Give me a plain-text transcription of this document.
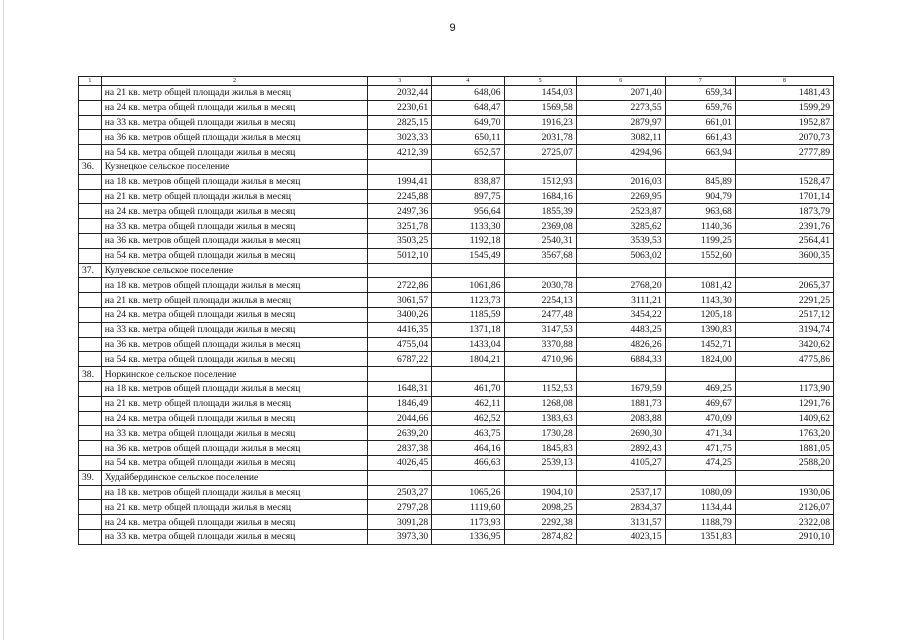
9
1	2	3	4	5	6	7	8
	на 21 кв. метр общей площади жилья в месяц	2032,44	648,06	1454,03	2071,40	659,34	1481,43
	на 24 кв. метра общей площади жилья в месяц	2230,61	648,47	1569,58	2273,55	659,76	1599,29
	на 33 кв. метра общей площади жилья в месяц	2825,15	649,70	1916,23	2879,97	661,01	1952,87
	на 36 кв. метров общей площади жилья в месяц	3023,33	650,11	2031,78	3082,11	661,43	2070,73
	на 54 кв. метра общей площади жилья в месяц	4212,39	652,57	2725,07	4294,96	663,94	2777,89
36.	Кузнецкое сельское поселение						
	на 18 кв. метров общей площади жилья в месяц	1994,41	838,87	1512,93	2016,03	845,89	1528,47
	на 21 кв. метр общей площади жилья в месяц	2245,88	897,75	1684,16	2269,95	904,79	1701,14
	на 24 кв. метра общей площади жилья в месяц	2497,36	956,64	1855,39	2523,87	963,68	1873,79
	на 33 кв. метра общей площади жилья в месяц	3251,78	1133,30	2369,08	3285,62	1140,36	2391,76
	на 36 кв. метров общей площади жилья в месяц	3503,25	1192,18	2540,31	3539,53	1199,25	2564,41
	на 54 кв. метра общей площади жилья в месяц	5012,10	1545,49	3567,68	5063,02	1552,60	3600,35
37.	Кулуевское сельское поселение						
	на 18 кв. метров общей площади жилья в месяц	2722,86	1061,86	2030,78	2768,20	1081,42	2065,37
	на 21 кв. метр общей площади жилья в месяц	3061,57	1123,73	2254,13	3111,21	1143,30	2291,25
	на 24 кв. метра общей площади жилья в месяц	3400,26	1185,59	2477,48	3454,22	1205,18	2517,12
	на 33 кв. метра общей площади жилья в месяц	4416,35	1371,18	3147,53	4483,25	1390,83	3194,74
	на 36 кв. метров общей площади жилья в месяц	4755,04	1433,04	3370,88	4826,26	1452,71	3420,62
	на 54 кв. метра общей площади жилья в месяц	6787,22	1804,21	4710,96	6884,33	1824,00	4775,86
38.	Норкинское сельское поселение						
	на 18 кв. метров общей площади жилья в месяц	1648,31	461,70	1152,53	1679,59	469,25	1173,90
	на 21 кв. метр общей площади жилья в месяц	1846,49	462,11	1268,08	1881,73	469,67	1291,76
	на 24 кв. метра общей площади жилья в месяц	2044,66	462,52	1383,63	2083,88	470,09	1409,62
	на 33 кв. метра общей площади жилья в месяц	2639,20	463,75	1730,28	2690,30	471,34	1763,20
	на 36 кв. метров общей площади жилья в месяц	2837,38	464,16	1845,83	2892,43	471,75	1881,05
	на 54 кв. метра общей площади жилья в месяц	4026,45	466,63	2539,13	4105,27	474,25	2588,20
39.	Худайбердинское сельское поселение						
	на 18 кв. метров общей площади жилья в месяц	2503,27	1065,26	1904,10	2537,17	1080,09	1930,06
	на 21 кв. метр общей площади жилья в месяц	2797,28	1119,60	2098,25	2834,37	1134,44	2126,07
	на 24 кв. метра общей площади жилья в месяц	3091,28	1173,93	2292,38	3131,57	1188,79	2322,08
	на 33 кв. метра общей площади жилья в месяц	3973,30	1336,95	2874,82	4023,15	1351,83	2910,10
